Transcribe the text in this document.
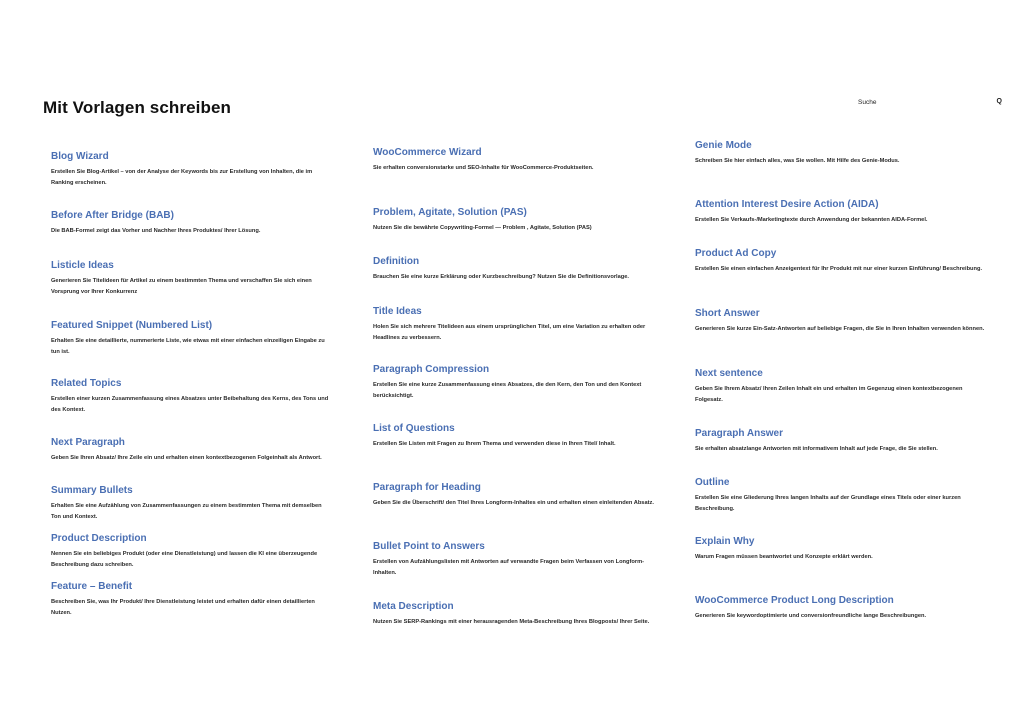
Mit Vorlagen schreiben	Suche	Q
Blog Wizard
Erstellen Sie Blog-Artikel – von der Analyse der Keywords bis zur Erstellung von Inhalten, die im Ranking erscheinen.
Before After Bridge (BAB)
Die BAB-Formel zeigt das Vorher und Nachher Ihres Produktes/ Ihrer Lösung.
Listicle Ideas
Generieren Sie Titelideen für Artikel zu einem bestimmten Thema und verschaffen Sie sich einen Vorsprung vor Ihrer Konkurrenz
Featured Snippet (Numbered List)
Erhalten Sie eine detaillierte, nummerierte Liste, wie etwas mit einer einfachen einzeiligen Eingabe zu tun ist.
Related Topics
Erstellen einer kurzen Zusammenfassung eines Absatzes unter Beibehaltung des Kerns, des Tons und des Kontext.
Next Paragraph
Geben Sie Ihren Absatz/ Ihre Zeile ein und erhalten einen kontextbezogenen Folgeinhalt als Antwort.
Summary Bullets
Erhalten Sie eine Aufzählung von Zusammenfassungen zu einem bestimmten Thema mit demselben Ton und Kontext.
Product Description
Nennen Sie ein beliebiges Produkt (oder eine Dienstleistung) und lassen die KI eine überzeugende Beschreibung dazu schreiben.
Feature – Benefit
Beschreiben Sie, was Ihr Produkt/ Ihre Dienstleistung leistet und erhalten dafür einen detaillierten Nutzen.
WooCommerce Wizard
Sie erhalten conversionstarke und SEO-Inhalte für WooCommerce-Produktseiten.
Problem, Agitate, Solution (PAS)
Nutzen Sie die bewährte Copywriting-Formel — Problem , Agitate, Solution (PAS)
Definition
Brauchen Sie eine kurze Erklärung oder Kurzbeschreibung? Nutzen Sie die Definitionsvorlage.
Title Ideas
Holen Sie sich mehrere Titelideen aus einem ursprünglichen Titel, um eine Variation zu erhalten oder Headlines zu verbessern.
Paragraph Compression
Erstellen Sie eine kurze Zusammenfassung eines Absatzes, die den Kern, den Ton und den Kontext berücksichtigt.
List of Questions
Erstellen Sie Listen mit Fragen zu Ihrem Thema und verwenden diese in Ihren Titel/ Inhalt.
Paragraph for Heading
Geben Sie die Überschrift/ den Titel Ihres Longform-Inhaltes ein und erhalten einen einleitenden Absatz.
Bullet Point to Answers
Erstellen von Aufzählungslisten mit Antworten auf verwandte Fragen beim Verfassen von Longform-Inhalten.
Meta Description
Nutzen Sie SERP-Rankings mit einer herausragenden Meta-Beschreibung Ihres Blogposts/ Ihrer Seite.
Genie Mode
Schreiben Sie hier einfach alles, was Sie wollen. Mit Hilfe des Genie-Modus.
Attention Interest Desire Action (AIDA)
Erstellen Sie Verkaufs-/Marketingtexte durch Anwendung der bekannten AIDA-Formel.
Product Ad Copy
Erstellen Sie einen einfachen Anzeigentext für Ihr Produkt mit nur einer kurzen Einführung/ Beschreibung.
Short Answer
Generieren Sie kurze Ein-Satz-Antworten auf beliebige Fragen, die Sie in Ihren Inhalten verwenden können.
Next sentence
Geben Sie Ihrem Absatz/ Ihren Zeilen Inhalt ein und erhalten im Gegenzug einen kontextbezogenen Folgesatz.
Paragraph Answer
Sie erhalten absatzlange Antworten mit informativem Inhalt auf jede Frage, die Sie stellen.
Outline
Erstellen Sie eine Gliederung Ihres langen Inhalts auf der Grundlage eines Titels oder einer kurzen Beschreibung.
Explain Why
Warum Fragen müssen beantwortet und Konzepte erklärt werden.
WooCommerce Product Long Description
Generieren Sie keywordoptimierte und conversionfreundliche lange Beschreibungen.
